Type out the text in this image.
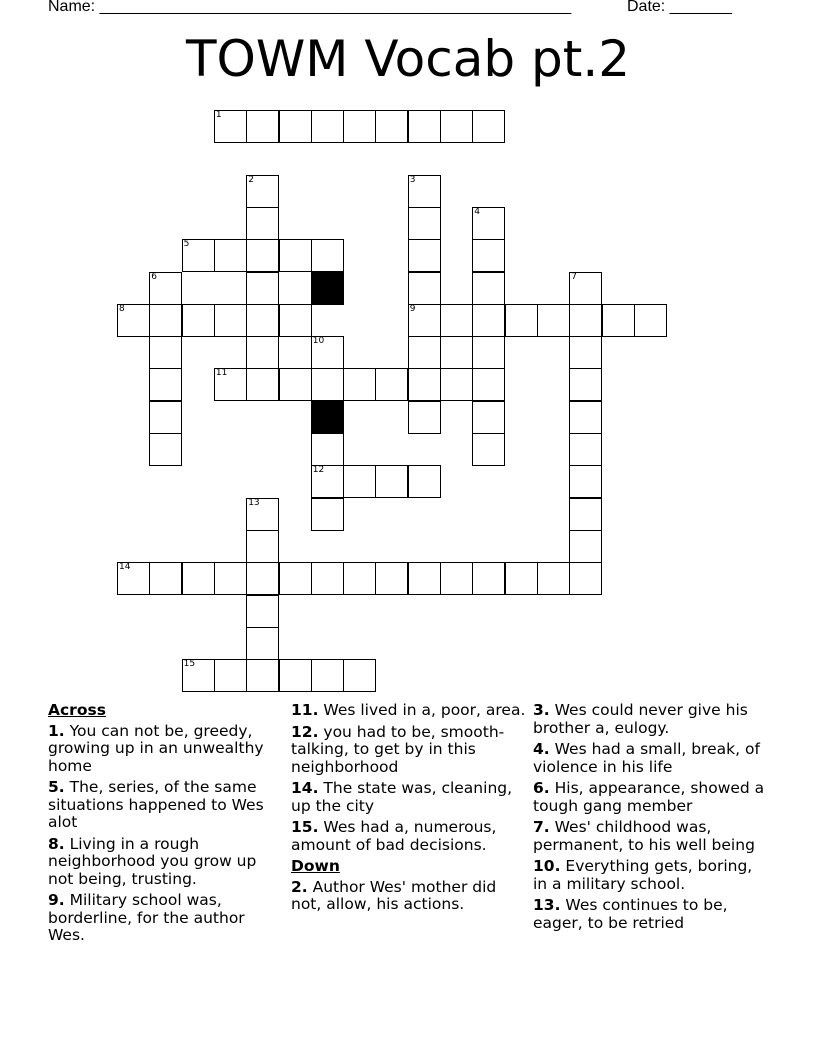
Name: _____________________________________________________	Date: _______
TOWM Vocab pt.2
1
2	3
9
4
5
6	7
8
10
12
11
13
14
15
Across
1. You can not be, greedy, growing up in an unwealthy home
5. The, series, of the same situations happened to Wes alot
8. Living in a rough neighborhood you grow up not being, trusting.
9. Military school was, borderline, for the author Wes.
11. Wes lived in a, poor, area.
12. you had to be, smooth-talking, to get by in this neighborhood
14. The state was, cleaning, up the city
15. Wes had a, numerous, amount of bad decisions.
Down
2. Author Wes' mother did not, allow, his actions.
3. Wes could never give his brother a, eulogy.
4. Wes had a small, break, of violence in his life
6. His, appearance, showed a tough gang member
7. Wes' childhood was, permanent, to his well being
10. Everything gets, boring, in a military school.
13. Wes continues to be, eager, to be retried
